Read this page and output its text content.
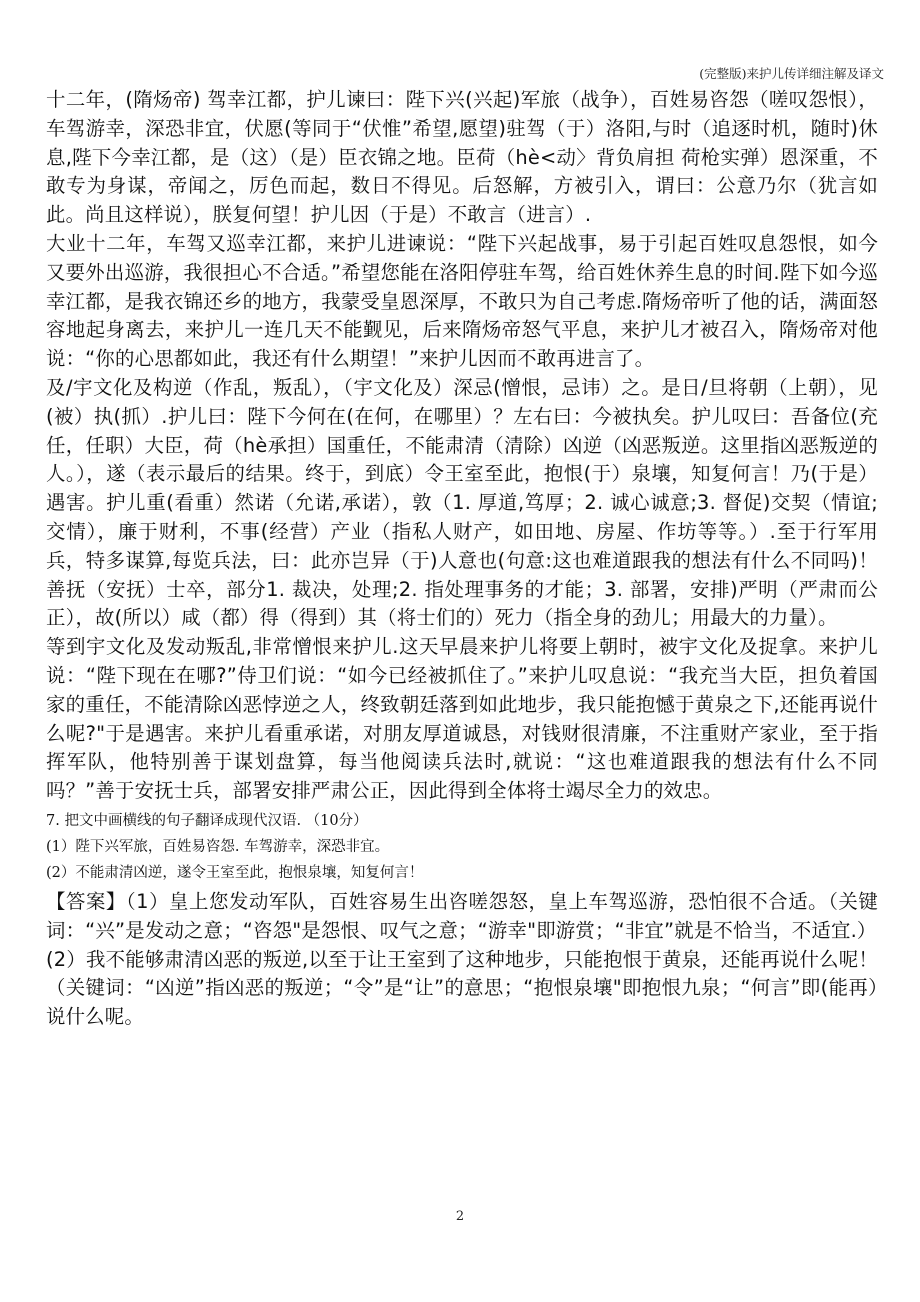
(完整版)来护儿传详细注解及译文

十二年，(隋炀帝) 驾幸江都，护儿谏曰：陛下兴(兴起)军旅（战争），百姓易咨怨（嗟叹怨恨），车驾游幸，深恐非宜，伏愿(等同于“伏惟”希望,愿望)驻驾（于）洛阳,与时（追逐时机，随时)休息,陛下今幸江都，是（这）（是）臣衣锦之地。臣荷（hè<动〉背负肩担 荷枪实弹）恩深重，不敢专为身谋，帝闻之，厉色而起，数日不得见。后怒解，方被引入，谓曰：公意乃尔（犹言如此。尚且这样说），朕复何望！护儿因（于是）不敢言（进言）.

大业十二年，车驾又巡幸江都，来护儿进谏说：“陛下兴起战事，易于引起百姓叹息怨恨，如今又要外出巡游，我很担心不合适。”希望您能在洛阳停驻车驾，给百姓休养生息的时间.陛下如今巡幸江都，是我衣锦还乡的地方，我蒙受皇恩深厚，不敢只为自己考虑.隋炀帝听了他的话，满面怒容地起身离去，来护儿一连几天不能觐见，后来隋炀帝怒气平息，来护儿才被召入，隋炀帝对他说：“你的心思都如此，我还有什么期望！”来护儿因而不敢再进言了。

及/宇文化及构逆（作乱，叛乱），（宇文化及）深忌(憎恨，忌讳）之。是日/旦将朝（上朝），见(被）执(抓）.护儿曰：陛下今何在(在何，在哪里）？左右曰：今被执矣。护儿叹曰：吾备位(充任，任职）大臣，荷（hè承担）国重任，不能肃清（清除）凶逆（凶恶叛逆。这里指凶恶叛逆的人。），遂（表示最后的结果。终于，到底）令王室至此，抱恨(于）泉壤，知复何言！乃(于是）遇害。护儿重(看重）然诺（允诺,承诺），敦（1. 厚道,笃厚；2. 诚心诚意;3. 督促)交契（情谊;交情），廉于财利，不事(经营）产业（指私人财产，如田地、房屋、作坊等等。）.至于行军用兵，特多谋算,每览兵法，曰：此亦岂异（于)人意也(句意:这也难道跟我的想法有什么不同吗)！善抚（安抚）士卒，部分1. 裁决，处理;2. 指处理事务的才能；3. 部署，安排)严明（严肃而公正），故(所以）咸（都）得（得到）其（将士们的）死力（指全身的劲儿；用最大的力量）。

等到宇文化及发动叛乱,非常憎恨来护儿.这天早晨来护儿将要上朝时，被宇文化及捉拿。来护儿说：“陛下现在在哪?”侍卫们说：“如今已经被抓住了。”来护儿叹息说：“我充当大臣，担负着国家的重任，不能清除凶恶悖逆之人，终致朝廷落到如此地步，我只能抱憾于黄泉之下,还能再说什么呢?"于是遇害。来护儿看重承诺，对朋友厚道诚恳，对钱财很清廉，不注重财产家业，至于指挥军队，他特别善于谋划盘算，每当他阅读兵法时,就说：“这也难道跟我的想法有什么不同吗？”善于安抚士兵，部署安排严肃公正，因此得到全体将士竭尽全力的效忠。

7. 把文中画横线的句子翻译成现代汉语. （10分）

(1）陛下兴军旅，百姓易咨怨. 车驾游幸，深恐非宜。

(2）不能肃清凶逆，遂令王室至此，抱恨泉壤，知复何言！

【答案】（1）皇上您发动军队，百姓容易生出咨嗟怨怒，皇上车驾巡游，恐怕很不合适。（关键词：“兴”是发动之意；“咨怨"是怨恨、叹气之意；“游幸"即游赏；“非宜”就是不恰当，不适宜.）

(2）我不能够肃清凶恶的叛逆,以至于让王室到了这种地步，只能抱恨于黄泉，还能再说什么呢！（关键词：“凶逆”指凶恶的叛逆；“令”是“让”的意思；“抱恨泉壤"即抱恨九泉；“何言”即(能再）说什么呢。

2
